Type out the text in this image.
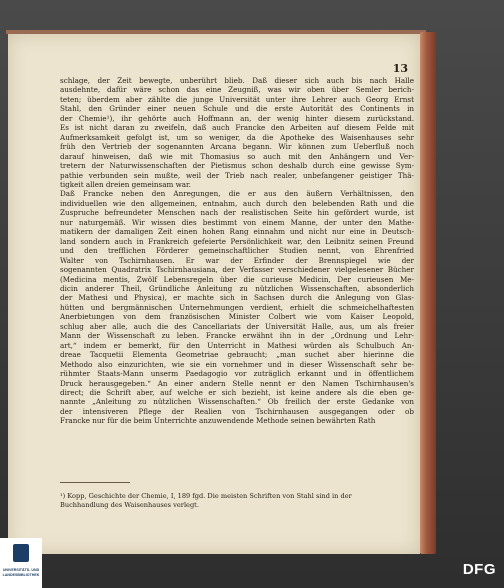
13
schlage, der Zeit bewegte, unberührt blieb. Daß dieser sich auch bis nach Halle
ausdehnte, dafür wäre schon das eine Zeugniß, was wir oben über Semler berich-
teten; überdem aber zählte die junge Universität unter ihre Lehrer auch Georg Ernst
Stahl, den Gründer einer neuen Schule und die erste Autorität des Continents in
der Chemie¹), ihr gehörte auch Hoffmann an, der wenig hinter diesem zurückstand.
Es ist nicht daran zu zweifeln, daß auch Francke den Arbeiten auf diesem Felde mit
Aufmerksamkeit gefolgt ist, um so weniger, da die Apotheke des Waisenhauses sehr
früh den Vertrieb der sogenannten Arcana begann. Wir können zum Ueberfluß noch
darauf hinweisen, daß wie mit Thomasius so auch mit den Anhängern und Ver-
tretern der Naturwissenschaften der Pietismus schon deshalb durch eine gewisse Sym-
pathie verbunden sein mußte, weil der Trieb nach realer, unbefangener geistiger Thä-
tigkeit allen dreien gemeinsam war.
Daß Francke neben den Anregungen, die er aus den äußern Verhältnissen, den
individuellen wie den allgemeinen, entnahm, auch durch den belebenden Rath und die
Zuspruche befreundeter Menschen nach der realistischen Seite hin gefördert wurde, ist
nur naturgemäß. Wir wissen dies bestimmt von einem Manne, der unter den Mathe-
matikern der damaligen Zeit einen hohen Rang einnahm und nicht nur eine in Deutsch-
land sondern auch in Frankreich gefeierte Persönlichkeit war, den Leibnitz seinen Freund
und den trefflichen Förderer gemeinschaftlicher Studien nennt, von Ehrenfried
Walter von Tschirnhausen. Er war der Erfinder der Brennspiegel wie der
sogenannten Quadratrix Tschirnhausiana, der Verfasser verschiedener vielgelesener Bücher
(Medicina mentis, Zwölf Lebensregeln über die curieuse Medicin, Der curieusen Me-
dicin anderer Theil, Gründliche Anleitung zu nützlichen Wissenschaften, absonderlich
der Mathesi und Physica), er machte sich in Sachsen durch die Anlegung von Glas-
hütten und bergmännischen Unternehmungen verdient, erhielt die schmeichelhaftesten
Anerbietungen von dem französischen Minister Colbert wie vom Kaiser Leopold,
schlug aber alle, auch die des Cancellariats der Universität Halle, aus, um als freier
Mann der Wissenschaft zu leben. Francke erwähnt ihn in der „Ordnung und Lehr-
art,“ indem er bemerkt, für den Unterricht in Mathesi würden als Schulbuch An-
dreae Tacquetii Elementa Geometriae gebraucht; „man suchet aber hierinne die
Methodo also einzurichten, wie sie ein vornehmer und in dieser Wissenschaft sehr be-
rühmter Staats-Mann unserm Paedagogio vor zuträglich erkannt und in öffentlichem
Druck herausgegeben.“ An einer andern Stelle nennt er den Namen Tschirnhausen's
direct; die Schrift aber, auf welche er sich bezieht, ist keine andere als die eben ge-
nannte „Anleitung zu nützlichen Wissenschaften.“ Ob freilich der erste Gedanke von
der intensiveren Pflege der Realien von Tschirnhausen ausgegangen oder ob
Francke nur für die beim Unterrichte anzuwendende Methode seinen bewährten Rath
¹) Kopp, Geschichte der Chemie, I, 189 fgd. Die meisten Schriften von Stahl sind in der
Buchhandlung des Waisenhauses verlegt.
UNIVERSITÄTS- UND
LANDESBIBLIOTHEK	DFG
